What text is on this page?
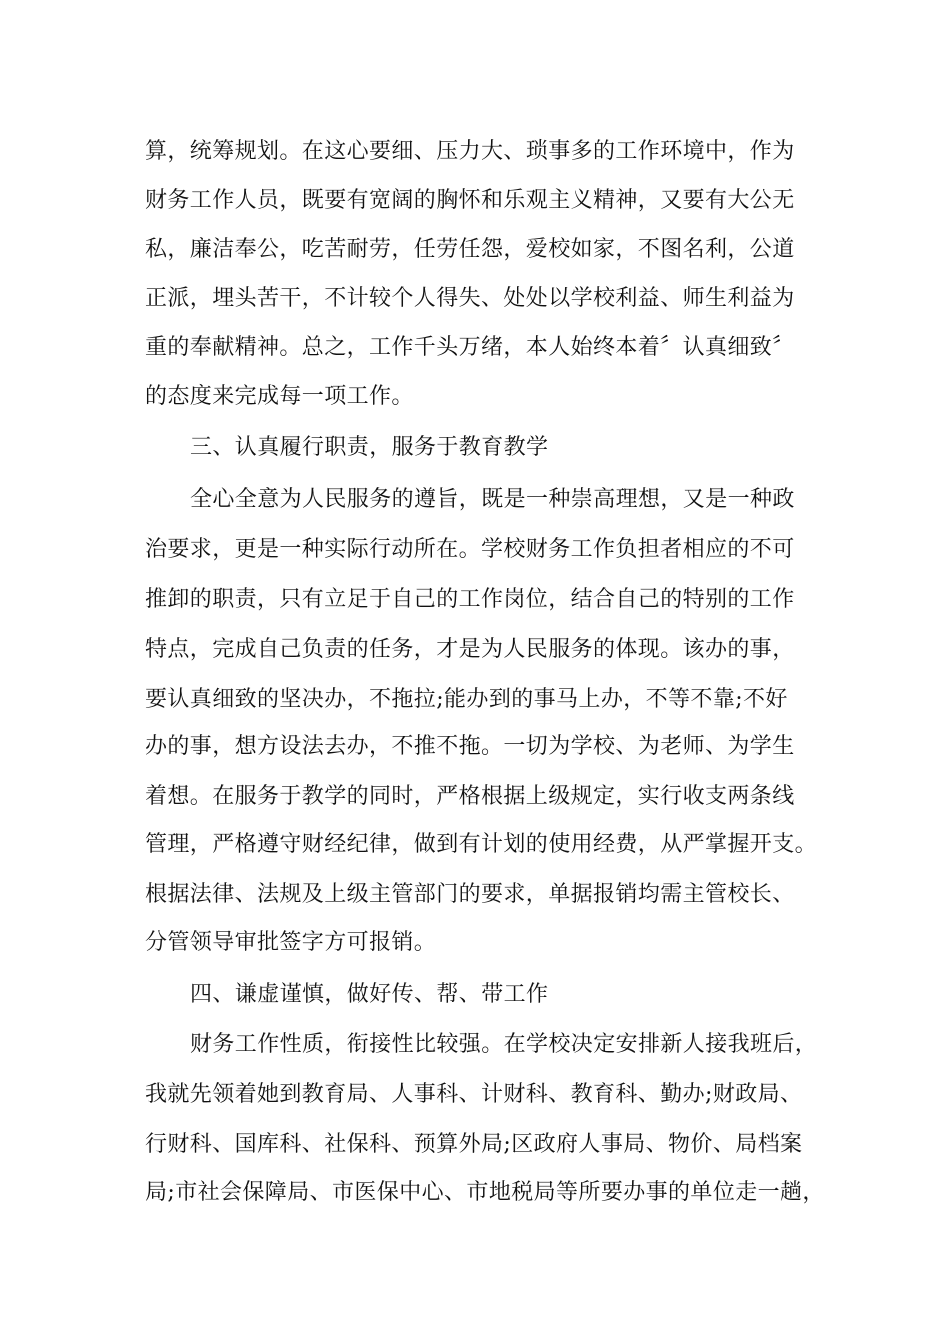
算，统筹规划。在这心要细、压力大、琐事多的工作环境中，作为
财务工作人员，既要有宽阔的胸怀和乐观主义精神，又要有大公无
私，廉洁奉公，吃苦耐劳，任劳任怨，爱校如家，不图名利，公道
正派，埋头苦干，不计较个人得失、处处以学校利益、师生利益为
重的奉献精神。总之，工作千头万绪，本人始终本着〞认真细致〞
的态度来完成每一项工作。
三、认真履行职责，服务于教育教学
全心全意为人民服务的遵旨，既是一种崇高理想，又是一种政
治要求，更是一种实际行动所在。学校财务工作负担者相应的不可
推卸的职责，只有立足于自己的工作岗位，结合自己的特别的工作
特点，完成自己负责的任务，才是为人民服务的体现。该办的事，
要认真细致的坚决办，不拖拉;能办到的事马上办，不等不靠;不好
办的事，想方设法去办，不推不拖。一切为学校、为老师、为学生
着想。在服务于教学的同时，严格根据上级规定，实行收支两条线
管理，严格遵守财经纪律，做到有计划的使用经费，从严掌握开支。
根据法律、法规及上级主管部门的要求，单据报销均需主管校长、
分管领导审批签字方可报销。
四、谦虚谨慎，做好传、帮、带工作
财务工作性质，衔接性比较强。在学校决定安排新人接我班后，
我就先领着她到教育局、人事科、计财科、教育科、勤办;财政局、
行财科、国库科、社保科、预算外局;区政府人事局、物价、局档案
局;市社会保障局、市医保中心、市地税局等所要办事的单位走一趟，
